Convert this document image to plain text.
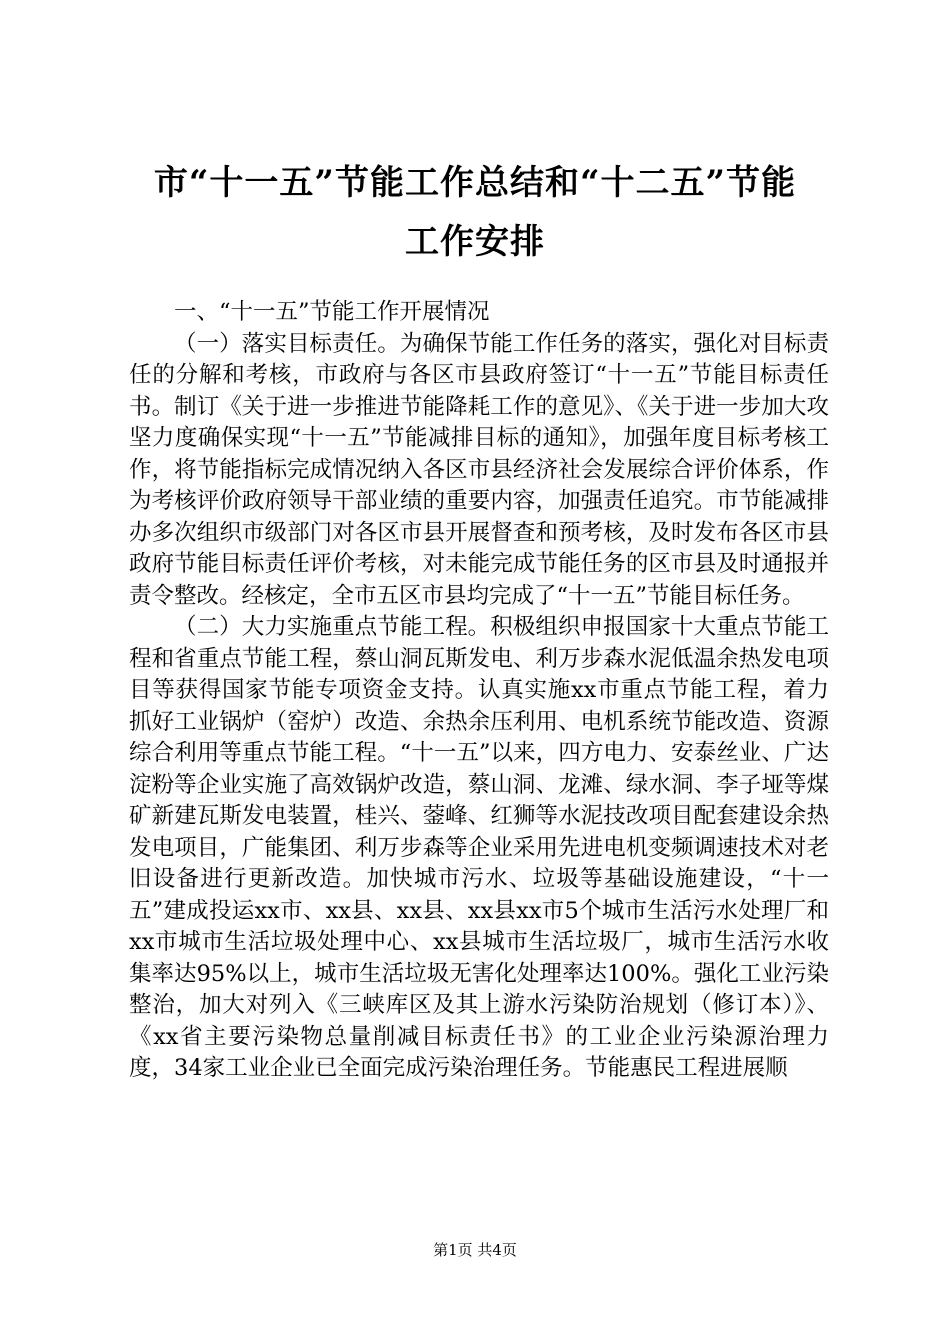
市“十一五”节能工作总结和“十二五”节能
工作安排

一、“十一五”节能工作开展情况

（一）落实目标责任。为确保节能工作任务的落实，强化对目标责任的分解和考核，市政府与各区市县政府签订“十一五”节能目标责任书。制订《关于进一步推进节能降耗工作的意见》、《关于进一步加大攻坚力度确保实现“十一五”节能减排目标的通知》，加强年度目标考核工作，将节能指标完成情况纳入各区市县经济社会发展综合评价体系，作为考核评价政府领导干部业绩的重要内容，加强责任追究。市节能减排办多次组织市级部门对各区市县开展督查和预考核，及时发布各区市县政府节能目标责任评价考核，对未能完成节能任务的区市县及时通报并责令整改。经核定，全市五区市县均完成了“十一五”节能目标任务。

（二）大力实施重点节能工程。积极组织申报国家十大重点节能工程和省重点节能工程，蔡山洞瓦斯发电、利万步森水泥低温余热发电项目等获得国家节能专项资金支持。认真实施xx市重点节能工程，着力抓好工业锅炉（窑炉）改造、余热余压利用、电机系统节能改造、资源综合利用等重点节能工程。“十一五”以来，四方电力、安泰丝业、广达淀粉等企业实施了高效锅炉改造，蔡山洞、龙滩、绿水洞、李子垭等煤矿新建瓦斯发电装置，桂兴、蓥峰、红狮等水泥技改项目配套建设余热发电项目，广能集团、利万步森等企业采用先进电机变频调速技术对老旧设备进行更新改造。加快城市污水、垃圾等基础设施建设，“十一五”建成投运xx市、xx县、xx县、xx县xx市5个城市生活污水处理厂和xx市城市生活垃圾处理中心、xx县城市生活垃圾厂，城市生活污水收集率达95%以上，城市生活垃圾无害化处理率达100%。强化工业污染整治，加大对列入《三峡库区及其上游水污染防治规划（修订本）》、《xx省主要污染物总量削减目标责任书》的工业企业污染源治理力度，34家工业企业已全面完成污染治理任务。节能惠民工程进展顺

第1页 共4页
